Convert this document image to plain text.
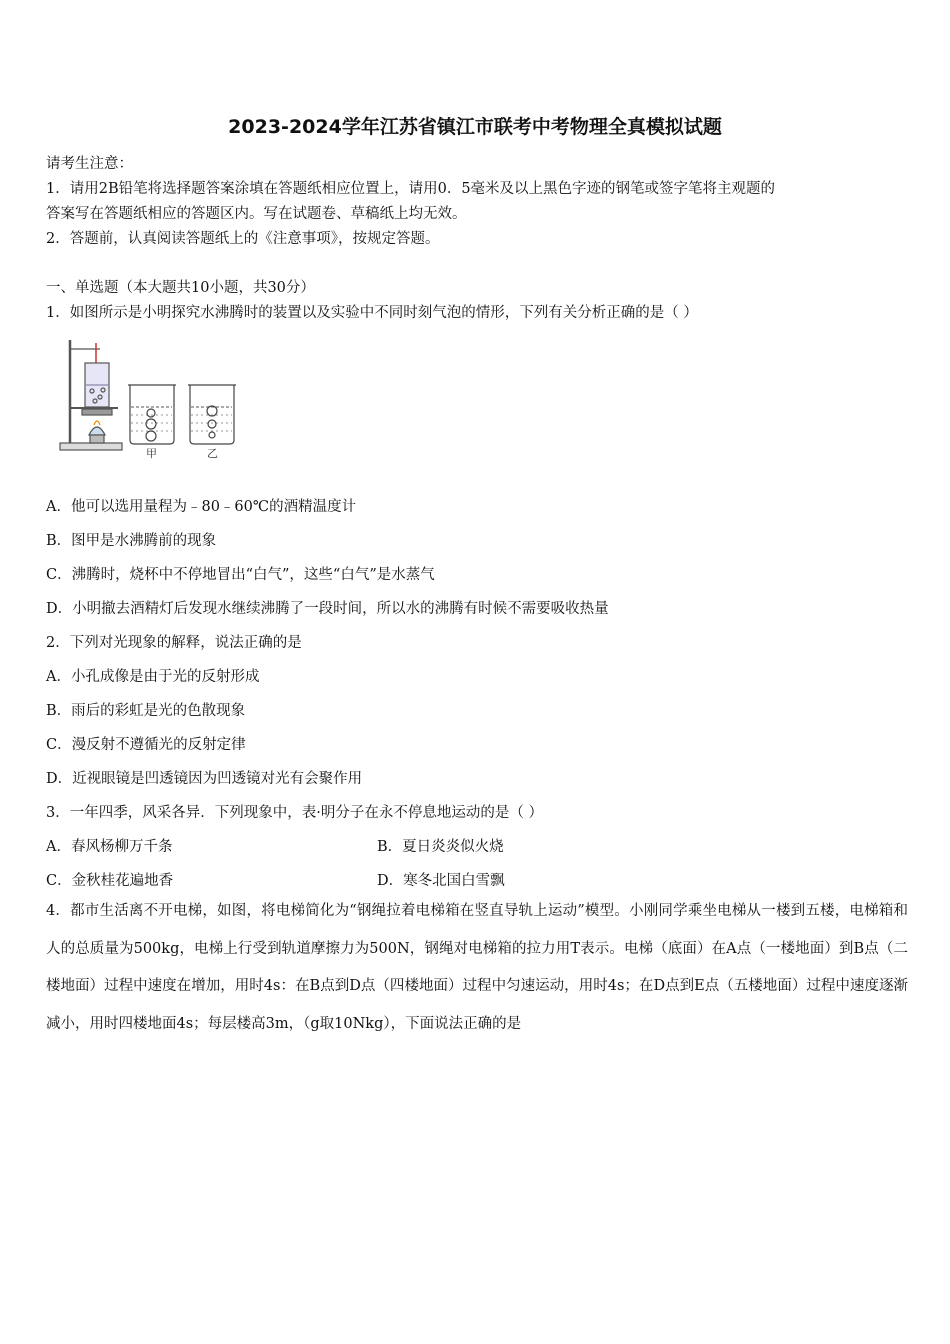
2023-2024学年江苏省镇江市联考中考物理全真模拟试题
请考生注意：
1．请用2B铅笔将选择题答案涂填在答题纸相应位置上，请用0．5毫米及以上黑色字迹的钢笔或签字笔将主观题的
答案写在答题纸相应的答题区内。写在试题卷、草稿纸上均无效。
2．答题前，认真阅读答题纸上的《注意事项》，按规定答题。
一、单选题（本大题共10小题，共30分）
1．如图所示是小明探究水沸腾时的装置以及实验中不同时刻气泡的情形，下列有关分析正确的是（ ）
甲	乙
A．他可以选用量程为﹣80﹣60℃的酒精温度计
B．图甲是水沸腾前的现象
C．沸腾时，烧杯中不停地冒出“白气”，这些“白气”是水蒸气
D．小明撤去酒精灯后发现水继续沸腾了一段时间，所以水的沸腾有时候不需要吸收热量
2．下列对光现象的解释，说法正确的是
A．小孔成像是由于光的反射形成
B．雨后的彩虹是光的色散现象
C．漫反射不遵循光的反射定律
D．近视眼镜是凹透镜因为凹透镜对光有会聚作用
3．一年四季，风采各异．下列现象中，表·明分子在永不停息地运动的是（ ）
A．春风杨柳万千条	B．夏日炎炎似火烧
C．金秋桂花遍地香	D．寒冬北国白雪飘
4．都市生活离不开电梯，如图，将电梯简化为“钢绳拉着电梯箱在竖直导轨上运动”模型。小刚同学乘坐电梯从一楼到五楼，电梯箱和人的总质量为500kg，电梯上行受到轨道摩擦力为500N，钢绳对电梯箱的拉力用T表示。电梯（底面）在A点（一楼地面）到B点（二楼地面）过程中速度在增加，用时4s：在B点到D点（四楼地面）过程中匀速运动，用时4s；在D点到E点（五楼地面）过程中速度逐渐减小，用时四楼地面4s；每层楼高3m，（g取10Nkg），下面说法正确的是
